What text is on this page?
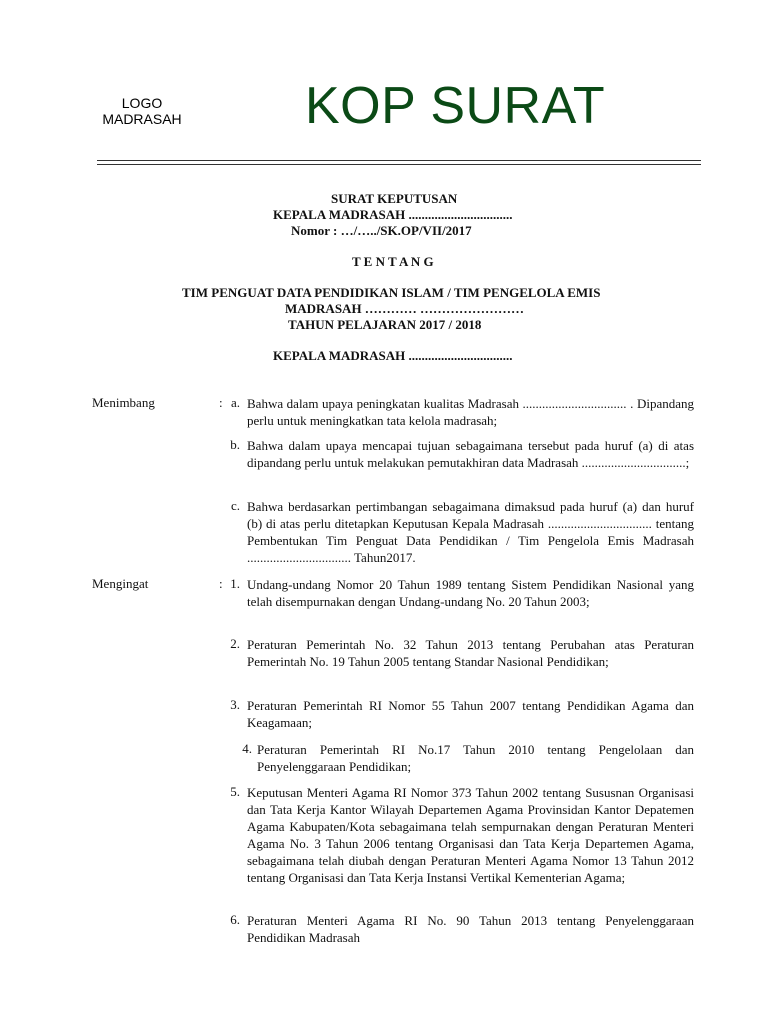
LOGO
MADRASAH KOP SURAT
SURAT KEPUTUSAN
KEPALA MADRASAH ................................
Nomor : …/…../SK.OP/VII/2017
T E N T A N G
TIM PENGUAT DATA PENDIDIKAN ISLAM / TIM PENGELOLA EMIS
MADRASAH ………… ……………………
TAHUN PELAJARAN 2017 / 2018
KEPALA MADRASAH ................................
Menimbang	: a. Bahwa dalam upaya peningkatan kualitas Madrasah ................................ . Dipandang perlu untuk meningkatkan tata kelola madrasah;
b. Bahwa dalam upaya mencapai tujuan sebagaimana tersebut pada huruf (a) di atas dipandang perlu untuk melakukan pemutakhiran data Madrasah ................................;
c. Bahwa berdasarkan pertimbangan sebagaimana dimaksud pada huruf (a) dan huruf (b) di atas perlu ditetapkan Keputusan Kepala Madrasah ................................ tentang Pembentukan Tim Penguat Data Pendidikan / Tim Pengelola Emis Madrasah ................................ Tahun2017.
Mengingat	: 1. Undang-undang Nomor 20 Tahun 1989 tentang Sistem Pendidikan Nasional yang telah disempurnakan dengan Undang-undang No. 20 Tahun 2003;
2. Peraturan Pemerintah No. 32 Tahun 2013 tentang Perubahan atas Peraturan Pemerintah No. 19 Tahun 2005 tentang Standar Nasional Pendidikan;
3. Peraturan Pemerintah RI Nomor 55 Tahun 2007 tentang Pendidikan Agama dan Keagamaan;
4. Peraturan Pemerintah RI No.17 Tahun 2010 tentang Pengelolaan dan Penyelenggaraan Pendidikan;
5. Keputusan Menteri Agama RI Nomor 373 Tahun 2002 tentang Sususnan Organisasi dan Tata Kerja Kantor Wilayah Departemen Agama Provinsidan Kantor Depatemen Agama Kabupaten/Kota sebagaimana telah sempurnakan dengan Peraturan Menteri Agama No. 3 Tahun 2006 tentang Organisasi dan Tata Kerja Departemen Agama, sebagaimana telah diubah dengan Peraturan Menteri Agama Nomor 13 Tahun 2012 tentang Organisasi dan Tata Kerja Instansi Vertikal Kementerian Agama;
6. Peraturan Menteri Agama RI No. 90 Tahun 2013 tentang Penyelenggaraan Pendidikan Madrasah
